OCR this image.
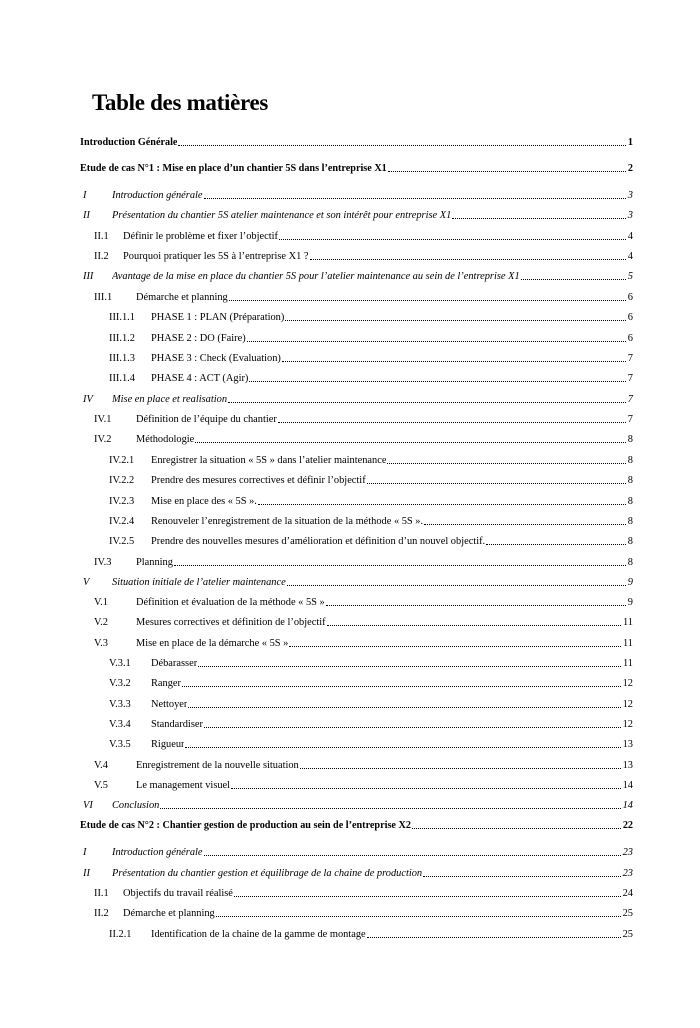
Table des matières
Introduction Générale	1
Etude de cas N°1 : Mise en place d’un chantier 5S dans l’entreprise X1	2
I	Introduction générale	3
II	Présentation du chantier 5S atelier maintenance et son intérêt pour entreprise X1	3
II.1	Définir le problème et fixer l’objectif	4
II.2	Pourquoi pratiquer les 5S à l’entreprise X1 ?	4
III	Avantage de la mise en place du chantier 5S pour l’atelier maintenance au sein de l’entreprise X1	5
III.1	Démarche et planning	6
III.1.1	PHASE 1 : PLAN (Préparation)	6
III.1.2	PHASE 2 : DO (Faire)	6
III.1.3	PHASE 3 : Check (Evaluation)	7
III.1.4	PHASE 4 : ACT (Agir)	7
IV	Mise en place et realisation	7
IV.1	Définition de l’équipe du chantier	7
IV.2	Méthodologie	8
IV.2.1	Enregistrer la situation « 5S » dans l’atelier maintenance	8
IV.2.2	Prendre des mesures correctives et définir l’objectif	8
IV.2.3	Mise en place des « 5S ».	8
IV.2.4	Renouveler l’enregistrement de la situation de la méthode « 5S ».	8
IV.2.5	Prendre des nouvelles mesures d’amélioration et définition d’un nouvel objectif.	8
IV.3	Planning	8
V	Situation initiale de l’atelier maintenance	9
V.1	Définition et évaluation de la méthode « 5S »	9
V.2	Mesures correctives et définition de l’objectif	11
V.3	Mise en place de la démarche « 5S »	11
V.3.1	Débarasser	11
V.3.2	Ranger	12
V.3.3	Nettoyer	12
V.3.4	Standardiser	12
V.3.5	Rigueur	13
V.4	Enregistrement de la nouvelle situation	13
V.5	Le management visuel	14
VI	Conclusion	14
Etude de cas N°2 : Chantier gestion de production au sein de l’entreprise X2	22
I	Introduction générale	23
II	Présentation du chantier gestion et équilibrage de la chaine de production	23
II.1	Objectifs du travail réalisé	24
II.2	Démarche et planning	25
II.2.1	Identification de la chaine de la gamme de montage	25
